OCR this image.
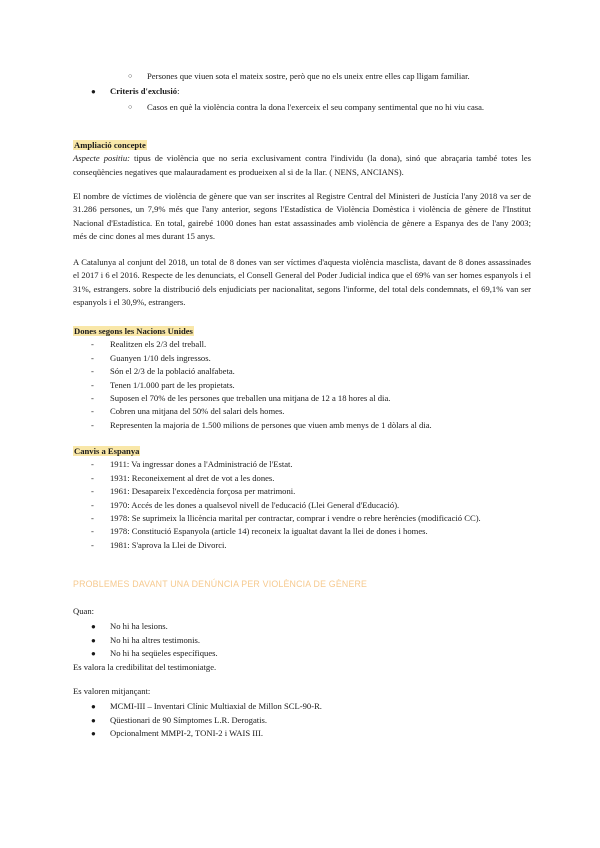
○ Persones que viuen sota el mateix sostre, però que no els uneix entre elles cap lligam familiar.
● Criteris d'exclusió:
○ Casos en què la violència contra la dona l'exerceix el seu company sentimental que no hi viu casa.

Ampliació concepte

Aspecte positiu: tipus de violència que no seria exclusivament contra l'individu (la dona), sinó que abraçaria també totes les conseqüències negatives que malauradament es produeixen al si de la llar. ( NENS, ANCIANS).

El nombre de víctimes de violència de gènere que van ser inscrites al Registre Central del Ministeri de Justícia l'any 2018 va ser de 31.286 persones, un 7,9% més que l'any anterior, segons l'Estadística de Violència Domèstica i violència de gènere de l'Institut Nacional d'Estadística. En total, gairebé 1000 dones han estat assassinades amb violència de gènere a Espanya des de l'any 2003; més de cinc dones al mes durant 15 anys.

A Catalunya al conjunt del 2018, un total de 8 dones van ser víctimes d'aquesta violència masclista, davant de 8 dones assassinades el 2017 i 6 el 2016. Respecte de les denunciats, el Consell General del Poder Judicial indica que el 69% van ser homes espanyols i el 31%, estrangers. sobre la distribució dels enjudiciats per nacionalitat, segons l'informe, del total dels condemnats, el 69,1% van ser espanyols i el 30,9%, estrangers.

Dones segons les Nacions Unides

- Realitzen els 2/3 del treball.
- Guanyen 1/10 dels ingressos.
- Són el 2/3 de la població analfabeta.
- Tenen 1/1.000 part de les propietats.
- Suposen el 70% de les persones que treballen una mitjana de 12 a 18 hores al dia.
- Cobren una mitjana del 50% del salari dels homes.
- Representen la majoria de 1.500 milions de persones que viuen amb menys de 1 dòlars al dia.

Canvis a Espanya

- 1911: Va ingressar dones a l'Administració de l'Estat.
- 1931: Reconeixement al dret de vot a les dones.
- 1961: Desapareix l'excedència forçosa per matrimoni.
- 1970: Accés de les dones a qualsevol nivell de l'educació (Llei General d'Educació).
- 1978: Se suprimeix la llicència marital per contractar, comprar i vendre o rebre herències (modificació CC).
- 1978: Constitució Espanyola (article 14) reconeix la igualtat davant la llei de dones i homes.
- 1981: S'aprova la Llei de Divorci.

PROBLEMES DAVANT UNA DENÚNCIA PER VIOLÈNCIA DE GÈNERE

Quan:

● No hi ha lesions.
● No hi ha altres testimonis.
● No hi ha seqüeles específiques.

Es valora la credibilitat del testimoniatge.

Es valoren mitjançant:

● MCMI-III – Inventari Clínic Multiaxial de Millon SCL-90-R.
● Qüestionari de 90 Símptomes L.R. Derogatis.
● Opcionalment MMPI-2, TONI-2 i WAIS III.
